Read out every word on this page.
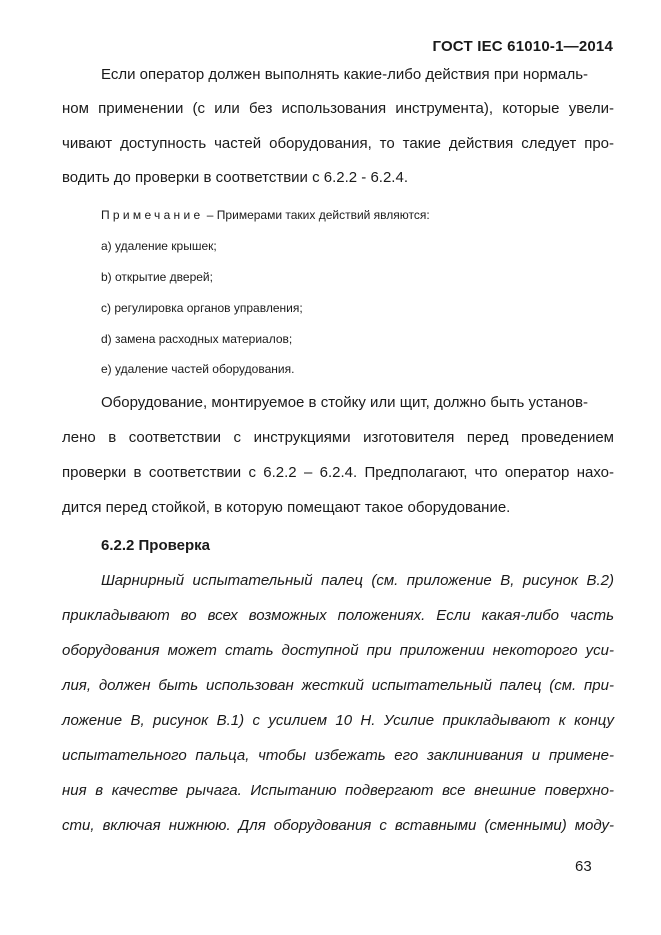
ГОСТ IEC 61010-1—2014
Если оператор должен выполнять какие-либо действия при нормаль-
ном применении (с или без использования инструмента), которые увели-
чивают доступность частей оборудования, то такие действия следует про-
водить до проверки в соответствии с 6.2.2 - 6.2.4.
Примечание – Примерами таких действий являются:
a) удаление крышек;
b) открытие дверей;
c) регулировка органов управления;
d) замена расходных материалов;
e) удаление частей оборудования.
Оборудование, монтируемое в стойку или щит, должно быть установ-
лено в соответствии с инструкциями изготовителя перед проведением
проверки в соответствии с 6.2.2 – 6.2.4. Предполагают, что оператор нахо-
дится перед стойкой, в которую помещают такое оборудование.
6.2.2 Проверка
Шарнирный испытательный палец (см. приложение В, рисунок В.2)
прикладывают во всех возможных положениях. Если какая-либо часть
оборудования может стать доступной при приложении некоторого уси-
лия, должен быть использован жесткий испытательный палец (см. при-
ложение В, рисунок В.1) с усилием 10 Н. Усилие прикладывают к концу
испытательного пальца, чтобы избежать его заклинивания и примене-
ния в качестве рычага. Испытанию подвергают все внешние поверхно-
сти, включая нижнюю. Для оборудования с вставными (сменными) моду-
63
